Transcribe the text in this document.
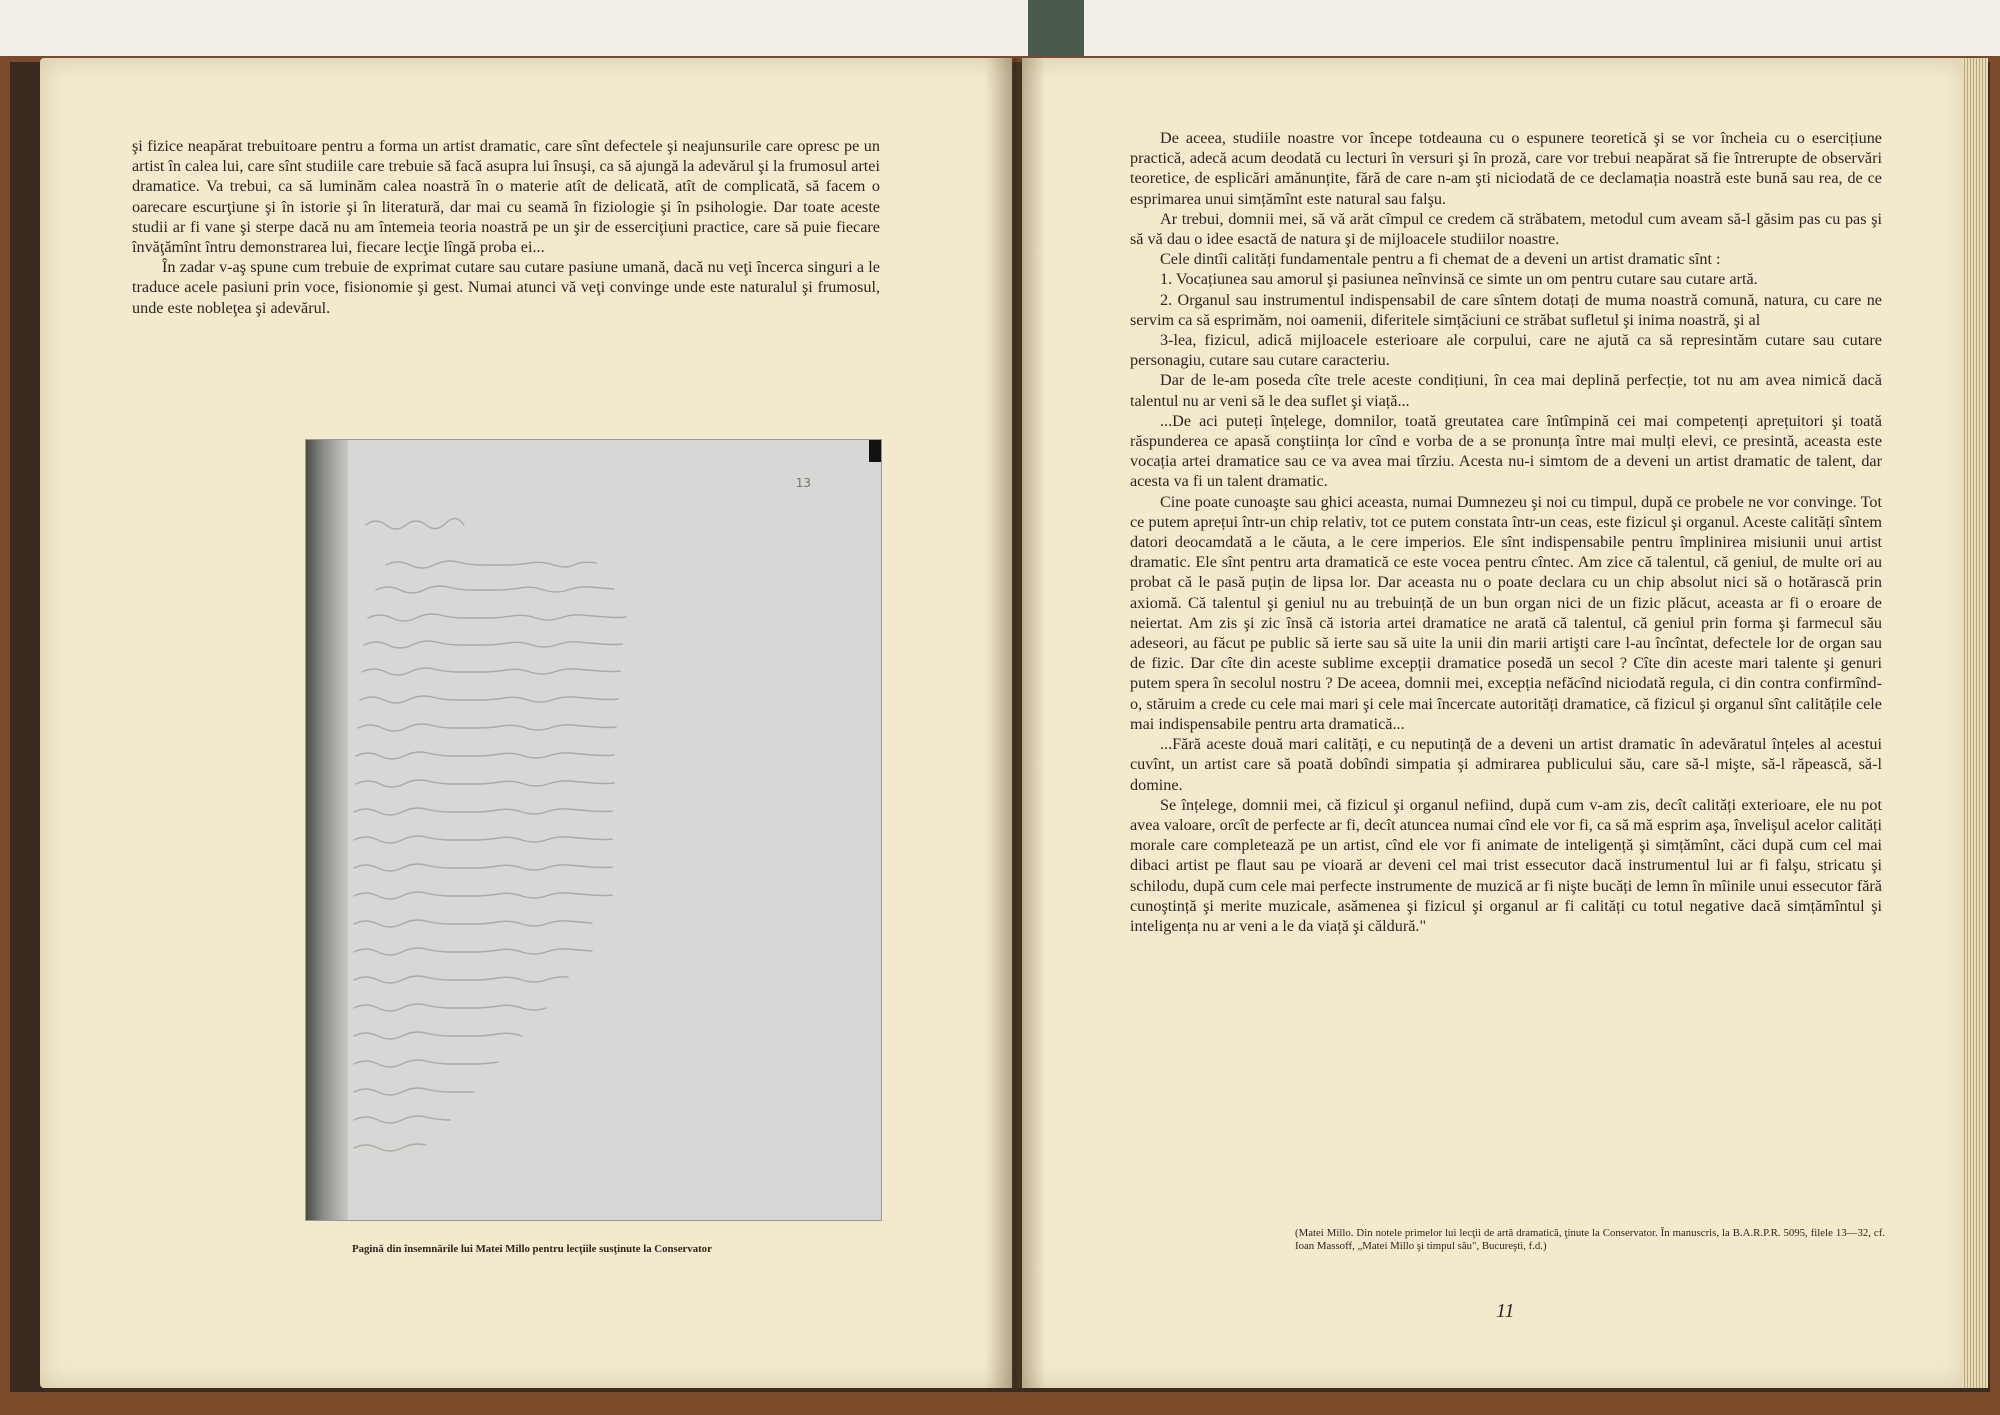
şi fizice neapărat trebuitoare pentru a forma un artist dramatic, care sînt defectele şi neajunsurile care opresc pe un artist în calea lui, care sînt studiile care trebuie să facă asupra lui însuşi, ca să ajungă la adevărul şi la frumosul artei dramatice. Va trebui, ca să luminăm calea noastră în o materie atît de delicată, atît de complicată, să facem o oarecare escurţiune şi în istorie şi în literatură, dar mai cu seamă în fiziologie şi în psihologie. Dar toate aceste studii ar fi vane şi sterpe dacă nu am întemeia teoria noastră pe un şir de esserciţiuni practice, care să puie fiecare învăţămînt întru demonstrarea lui, fiecare lecţie lîngă proba ei...

În zadar v-aş spune cum trebuie de exprimat cutare sau cutare pasiune umană, dacă nu veţi încerca singuri a le traduce acele pasiuni prin voce, fisionomie şi gest. Numai atunci vă veţi convinge unde este naturalul şi frumosul, unde este nobleţea şi adevărul.

13
Pagină din însemnările lui Matei Millo pentru lecţiile susţinute la Conservator

De aceea, studiile noastre vor începe totdeauna cu o espunere teoretică şi se vor încheia cu o esercițiune practică, adecă acum deodată cu lecturi în versuri şi în proză, care vor trebui neapărat să fie întrerupte de observări teoretice, de esplicări amănunțite, fără de care n-am şti niciodată de ce declamația noastră este bună sau rea, de ce esprimarea unui simțămînt este natural sau falşu.

Ar trebui, domnii mei, să vă arăt cîmpul ce credem că străbatem, metodul cum aveam să-l găsim pas cu pas şi să vă dau o idee esactă de natura şi de mijloacele studiilor noastre.

Cele dintîi calități fundamentale pentru a fi chemat de a deveni un artist dramatic sînt :

1. Vocațiunea sau amorul şi pasiunea neînvinsă ce simte un om pentru cutare sau cutare artă.

2. Organul sau instrumentul indispensabil de care sîntem dotați de muma noastră comună, natura, cu care ne servim ca să esprimăm, noi oamenii, diferitele simțăciuni ce străbat sufletul şi inima noastră, şi al

3-lea, fizicul, adică mijloacele esterioare ale corpului, care ne ajută ca să represintăm cutare sau cutare personagiu, cutare sau cutare caracteriu.

Dar de le-am poseda cîte trele aceste condițiuni, în cea mai deplină perfecție, tot nu am avea nimică dacă talentul nu ar veni să le dea suflet şi viață...

...De aci puteți înțelege, domnilor, toată greutatea care întîmpină cei mai competenți aprețuitori şi toată răspunderea ce apasă conştiința lor cînd e vorba de a se pronunța între mai mulți elevi, ce presintă, aceasta este vocația artei dramatice sau ce va avea mai tîrziu. Acesta nu-i simtom de a deveni un artist dramatic de talent, dar acesta va fi un talent dramatic.

Cine poate cunoaşte sau ghici aceasta, numai Dumnezeu şi noi cu timpul, după ce probele ne vor convinge. Tot ce putem aprețui într-un chip relativ, tot ce putem constata într-un ceas, este fizicul şi organul. Aceste calități sîntem datori deocamdată a le căuta, a le cere imperios. Ele sînt indispensabile pentru împlinirea misiunii unui artist dramatic. Ele sînt pentru arta dramatică ce este vocea pentru cîntec. Am zice că talentul, că geniul, de multe ori au probat că le pasă puțin de lipsa lor. Dar aceasta nu o poate declara cu un chip absolut nici să o hotărască prin axiomă. Că talentul şi geniul nu au trebuință de un bun organ nici de un fizic plăcut, aceasta ar fi o eroare de neiertat. Am zis şi zic însă că istoria artei dramatice ne arată că talentul, că geniul prin forma şi farmecul său adeseori, au făcut pe public să ierte sau să uite la unii din marii artişti care l-au încîntat, defectele lor de organ sau de fizic. Dar cîte din aceste sublime excepții dramatice posedă un secol ? Cîte din aceste mari talente şi genuri putem spera în secolul nostru ? De aceea, domnii mei, excepția nefăcînd niciodată regula, ci din contra confirmînd-o, stăruim a crede cu cele mai mari şi cele mai încercate autorități dramatice, că fizicul şi organul sînt calitățile cele mai indispensabile pentru arta dramatică...

...Fără aceste două mari calități, e cu neputință de a deveni un artist dramatic în adevăratul înțeles al acestui cuvînt, un artist care să poată dobîndi simpatia şi admirarea publicului său, care să-l mişte, să-l răpească, să-l domine.

Se înțelege, domnii mei, că fizicul şi organul nefiind, după cum v-am zis, decît calități exterioare, ele nu pot avea valoare, orcît de perfecte ar fi, decît atuncea numai cînd ele vor fi, ca să mă esprim aşa, învelişul acelor calități morale care completează pe un artist, cînd ele vor fi animate de inteligență şi simțămînt, căci după cum cel mai dibaci artist pe flaut sau pe vioară ar deveni cel mai trist essecutor dacă instrumentul lui ar fi falşu, stricatu şi schilodu, după cum cele mai perfecte instrumente de muzică ar fi nişte bucăți de lemn în mîinile unui essecutor fără cunoştință şi merite muzicale, asămenea şi fizicul şi organul ar fi calități cu totul negative dacă simțămîntul şi inteligența nu ar veni a le da viață şi căldură."

(Matei Millo. Din notele primelor lui lecţii de artă dramatică, ţinute la Conservator. În manuscris, la B.A.R.P.R. 5095, filele 13—32, cf. Ioan Massoff, „Matei Millo şi timpul său", Bucureşti, f.d.)
11
